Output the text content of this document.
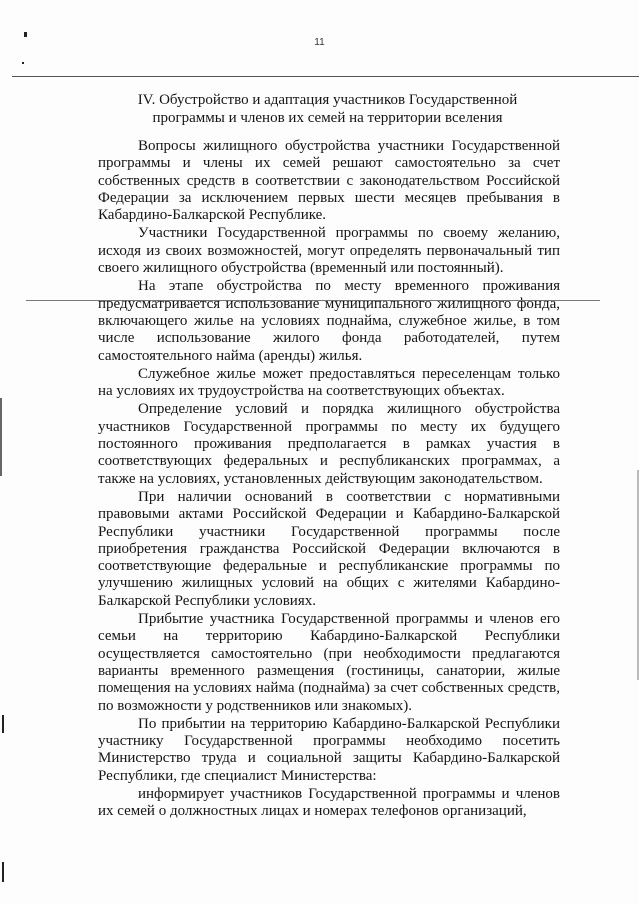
11
IV. Обустройство и адаптация участников Государственной
программы и членов их семей на территории вселения

Вопросы жилищного обустройства участники Государственной программы и члены их семей решают самостоятельно за счет собственных средств в соответствии с законодательством Российской Федерации за исключением первых шести месяцев пребывания в Кабардино-Балкарской Республике.

Участники Государственной программы по своему желанию, исходя из своих возможностей, могут определять первоначальный тип своего жилищного обустройства (временный или постоянный).

На этапе обустройства по месту временного проживания предусматривается использование муниципального жилищного фонда, включающего жилье на условиях поднайма, служебное жилье, в том числе использование жилого фонда работодателей, путем самостоятельного найма (аренды) жилья.

Служебное жилье может предоставляться переселенцам только на условиях их трудоустройства на соответствующих объектах.

Определение условий и порядка жилищного обустройства участников Государственной программы по месту их будущего постоянного проживания предполагается в рамках участия в соответствующих федеральных и республиканских программах, а также на условиях, установленных действующим законодательством.

При наличии оснований в соответствии с нормативными правовыми актами Российской Федерации и Кабардино-Балкарской Республики участники Государственной программы после приобретения гражданства Российской Федерации включаются в соответствующие федеральные и республиканские программы по улучшению жилищных условий на общих с жителями Кабардино-Балкарской Республики условиях.

Прибытие участника Государственной программы и членов его семьи на территорию Кабардино-Балкарской Республики осуществляется самостоятельно (при необходимости предлагаются варианты временного размещения (гостиницы, санатории, жилые помещения на условиях найма (поднайма) за счет собственных средств, по возможности у родственников или знакомых).

По прибытии на территорию Кабардино-Балкарской Республики участнику Государственной программы необходимо посетить Министерство труда и социальной защиты Кабардино-Балкарской Республики, где специалист Министерства:

информирует участников Государственной программы и членов их семей о должностных лицах и номерах телефонов организаций,
